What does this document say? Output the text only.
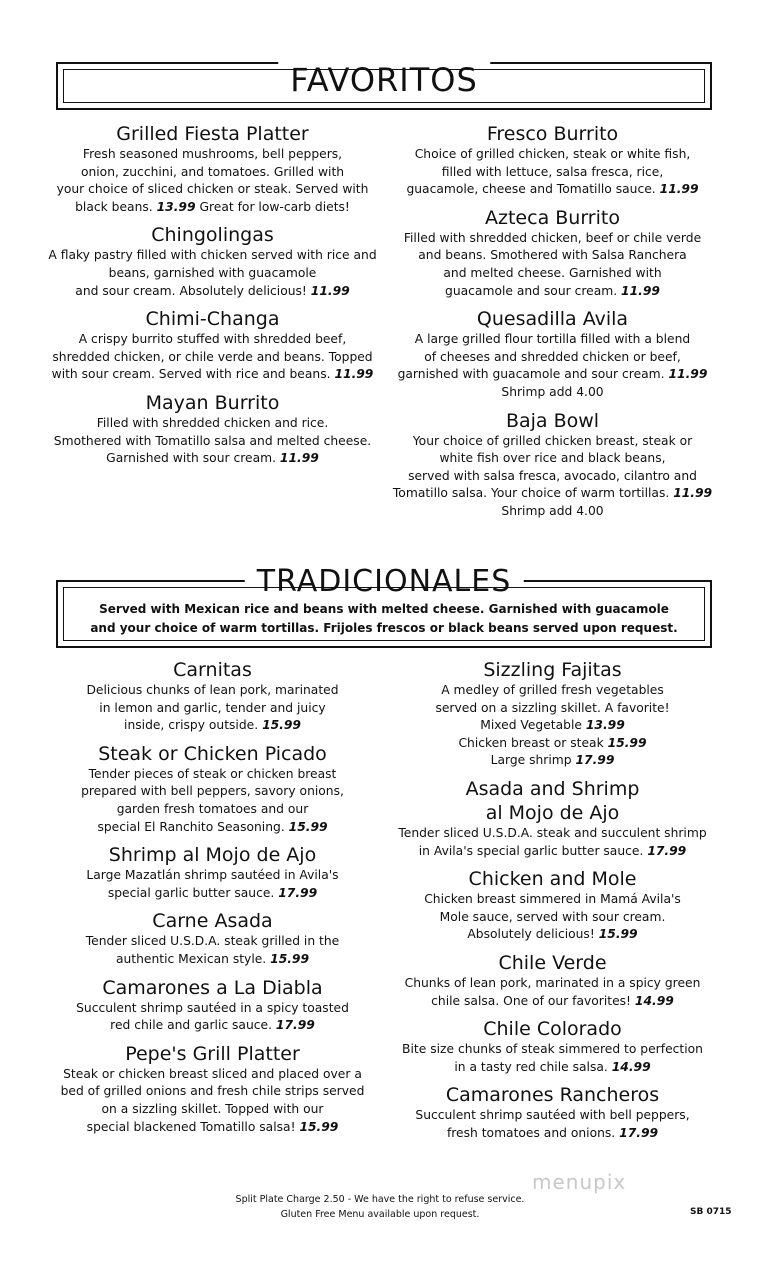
FAVORITOS
Grilled Fiesta Platter

Fresh seasoned mushrooms, bell peppers,
onion, zucchini, and tomatoes. Grilled with
your choice of sliced chicken or steak. Served with
black beans. 13.99 Great for low-carb diets!

Chingolingas

A flaky pastry filled with chicken served with rice and
beans, garnished with guacamole
and sour cream. Absolutely delicious! 11.99

Chimi-Changa

A crispy burrito stuffed with shredded beef,
shredded chicken, or chile verde and beans. Topped
with sour cream. Served with rice and beans. 11.99

Mayan Burrito

Filled with shredded chicken and rice.
Smothered with Tomatillo salsa and melted cheese.
Garnished with sour cream. 11.99

Fresco Burrito

Choice of grilled chicken, steak or white fish,
filled with lettuce, salsa fresca, rice,
guacamole, cheese and Tomatillo sauce. 11.99

Azteca Burrito

Filled with shredded chicken, beef or chile verde
and beans. Smothered with Salsa Ranchera
and melted cheese. Garnished with
guacamole and sour cream. 11.99

Quesadilla Avila

A large grilled flour tortilla filled with a blend
of cheeses and shredded chicken or beef,
garnished with guacamole and sour cream. 11.99
Shrimp add 4.00

Baja Bowl

Your choice of grilled chicken breast, steak or
white fish over rice and black beans,
served with salsa fresca, avocado, cilantro and
Tomatillo salsa. Your choice of warm tortillas. 11.99
Shrimp add 4.00

TRADICIONALES
Served with Mexican rice and beans with melted cheese. Garnished with guacamole
and your choice of warm tortillas. Frijoles frescos or black beans served upon request.
Carnitas

Delicious chunks of lean pork, marinated
in lemon and garlic, tender and juicy
inside, crispy outside. 15.99

Steak or Chicken Picado

Tender pieces of steak or chicken breast
prepared with bell peppers, savory onions,
garden fresh tomatoes and our
special El Ranchito Seasoning. 15.99

Shrimp al Mojo de Ajo

Large Mazatlán shrimp sautéed in Avila's
special garlic butter sauce. 17.99

Carne Asada

Tender sliced U.S.D.A. steak grilled in the
authentic Mexican style. 15.99

Camarones a La Diabla

Succulent shrimp sautéed in a spicy toasted
red chile and garlic sauce. 17.99

Pepe's Grill Platter

Steak or chicken breast sliced and placed over a
bed of grilled onions and fresh chile strips served
on a sizzling skillet. Topped with our
special blackened Tomatillo salsa! 15.99

Sizzling Fajitas

A medley of grilled fresh vegetables
served on a sizzling skillet. A favorite!
Mixed Vegetable 13.99
Chicken breast or steak 15.99
Large shrimp 17.99

Asada and Shrimp
al Mojo de Ajo

Tender sliced U.S.D.A. steak and succulent shrimp
in Avila's special garlic butter sauce. 17.99

Chicken and Mole

Chicken breast simmered in Mamá Avila's
Mole sauce, served with sour cream.
Absolutely delicious! 15.99

Chile Verde

Chunks of lean pork, marinated in a spicy green
chile salsa. One of our favorites! 14.99

Chile Colorado

Bite size chunks of steak simmered to perfection
in a tasty red chile salsa. 14.99

Camarones Rancheros

Succulent shrimp sautéed with bell peppers,
fresh tomatoes and onions. 17.99

Split Plate Charge 2.50 - We have the right to refuse service.
Gluten Free Menu available upon request.	SB 0715
menupix
